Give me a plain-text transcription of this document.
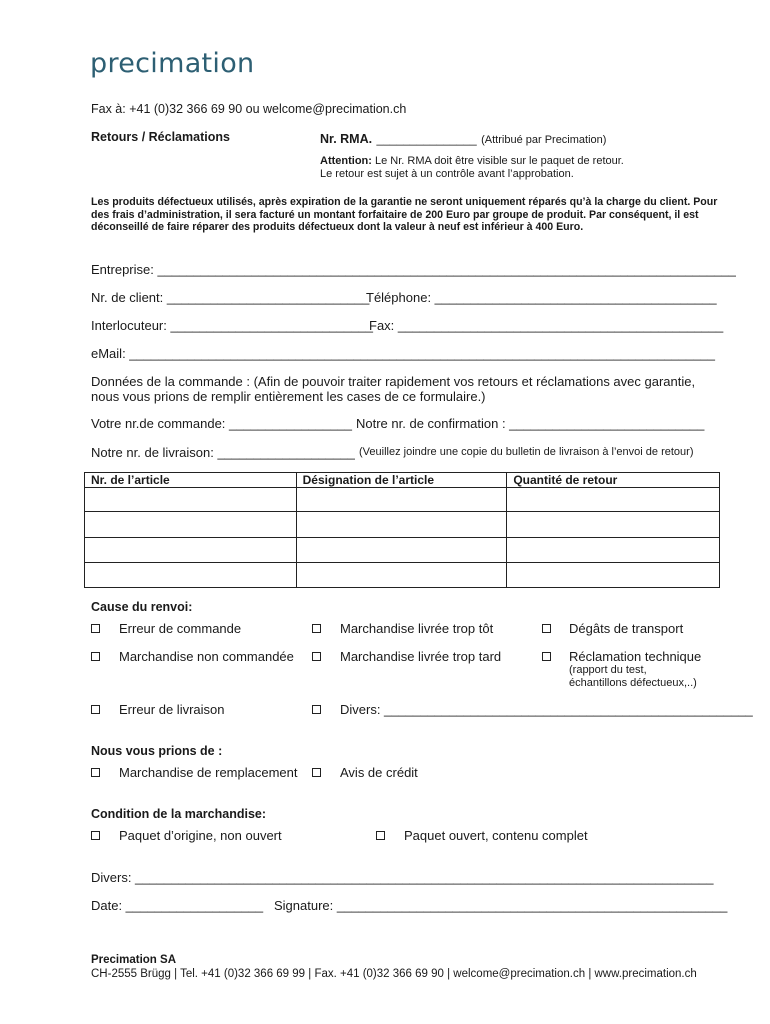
precimation
Fax à: +41 (0)32 366 69 90 ou welcome@precimation.ch
Retours / Réclamations	Nr. RMA. _______________ (Attribué par Precimation)
Attention: Le Nr. RMA doit être visible sur le paquet de retour.
Le retour est sujet à un contrôle avant l’approbation.
Les produits défectueux utilisés, après expiration de la garantie ne seront uniquement réparés qu’à la charge du client. Pour des frais d’administration, il sera facturé un montant forfaitaire de 200 Euro par groupe de produit. Par conséquent, il est déconseillé de faire réparer des produits défectueux dont la valeur à neuf est inférieur à 400 Euro.
Entreprise: ________________________________________________________________________________
Nr. de client: ____________________________
Téléphone: _______________________________________
Interlocuteur: ____________________________
Fax: _____________________________________________
eMail: _________________________________________________________________________________
Données de la commande : (Afin de pouvoir traiter rapidement vos retours et réclamations avec garantie, nous vous prions de remplir entièrement les cases de ce formulaire.)
Votre nr.de commande: _________________ Notre nr. de confirmation : ___________________________
Notre nr. de livraison: ___________________ (Veuillez joindre une copie du bulletin de livraison à l’envoi de retour)
Nr. de l’article	Désignation de l’article	Quantité de retour

Cause du renvoi:
Erreur de commande	Marchandise livrée trop tôt	Dégâts de transport
Marchandise non commandée	Marchandise livrée trop tard	Réclamation technique
(rapport du test,
échantillons défectueux,..)
Erreur de livraison	Divers: ___________________________________________________
Nous vous prions de :
Marchandise de remplacement	Avis de crédit
Condition de la marchandise:
Paquet d’origine, non ouvert	Paquet ouvert, contenu complet
Divers: ________________________________________________________________________________
Date: ___________________ Signature: ______________________________________________________
Precimation SA
CH-2555 Brügg | Tel. +41 (0)32 366 69 99 | Fax. +41 (0)32 366 69 90 | welcome@precimation.ch | www.precimation.ch
